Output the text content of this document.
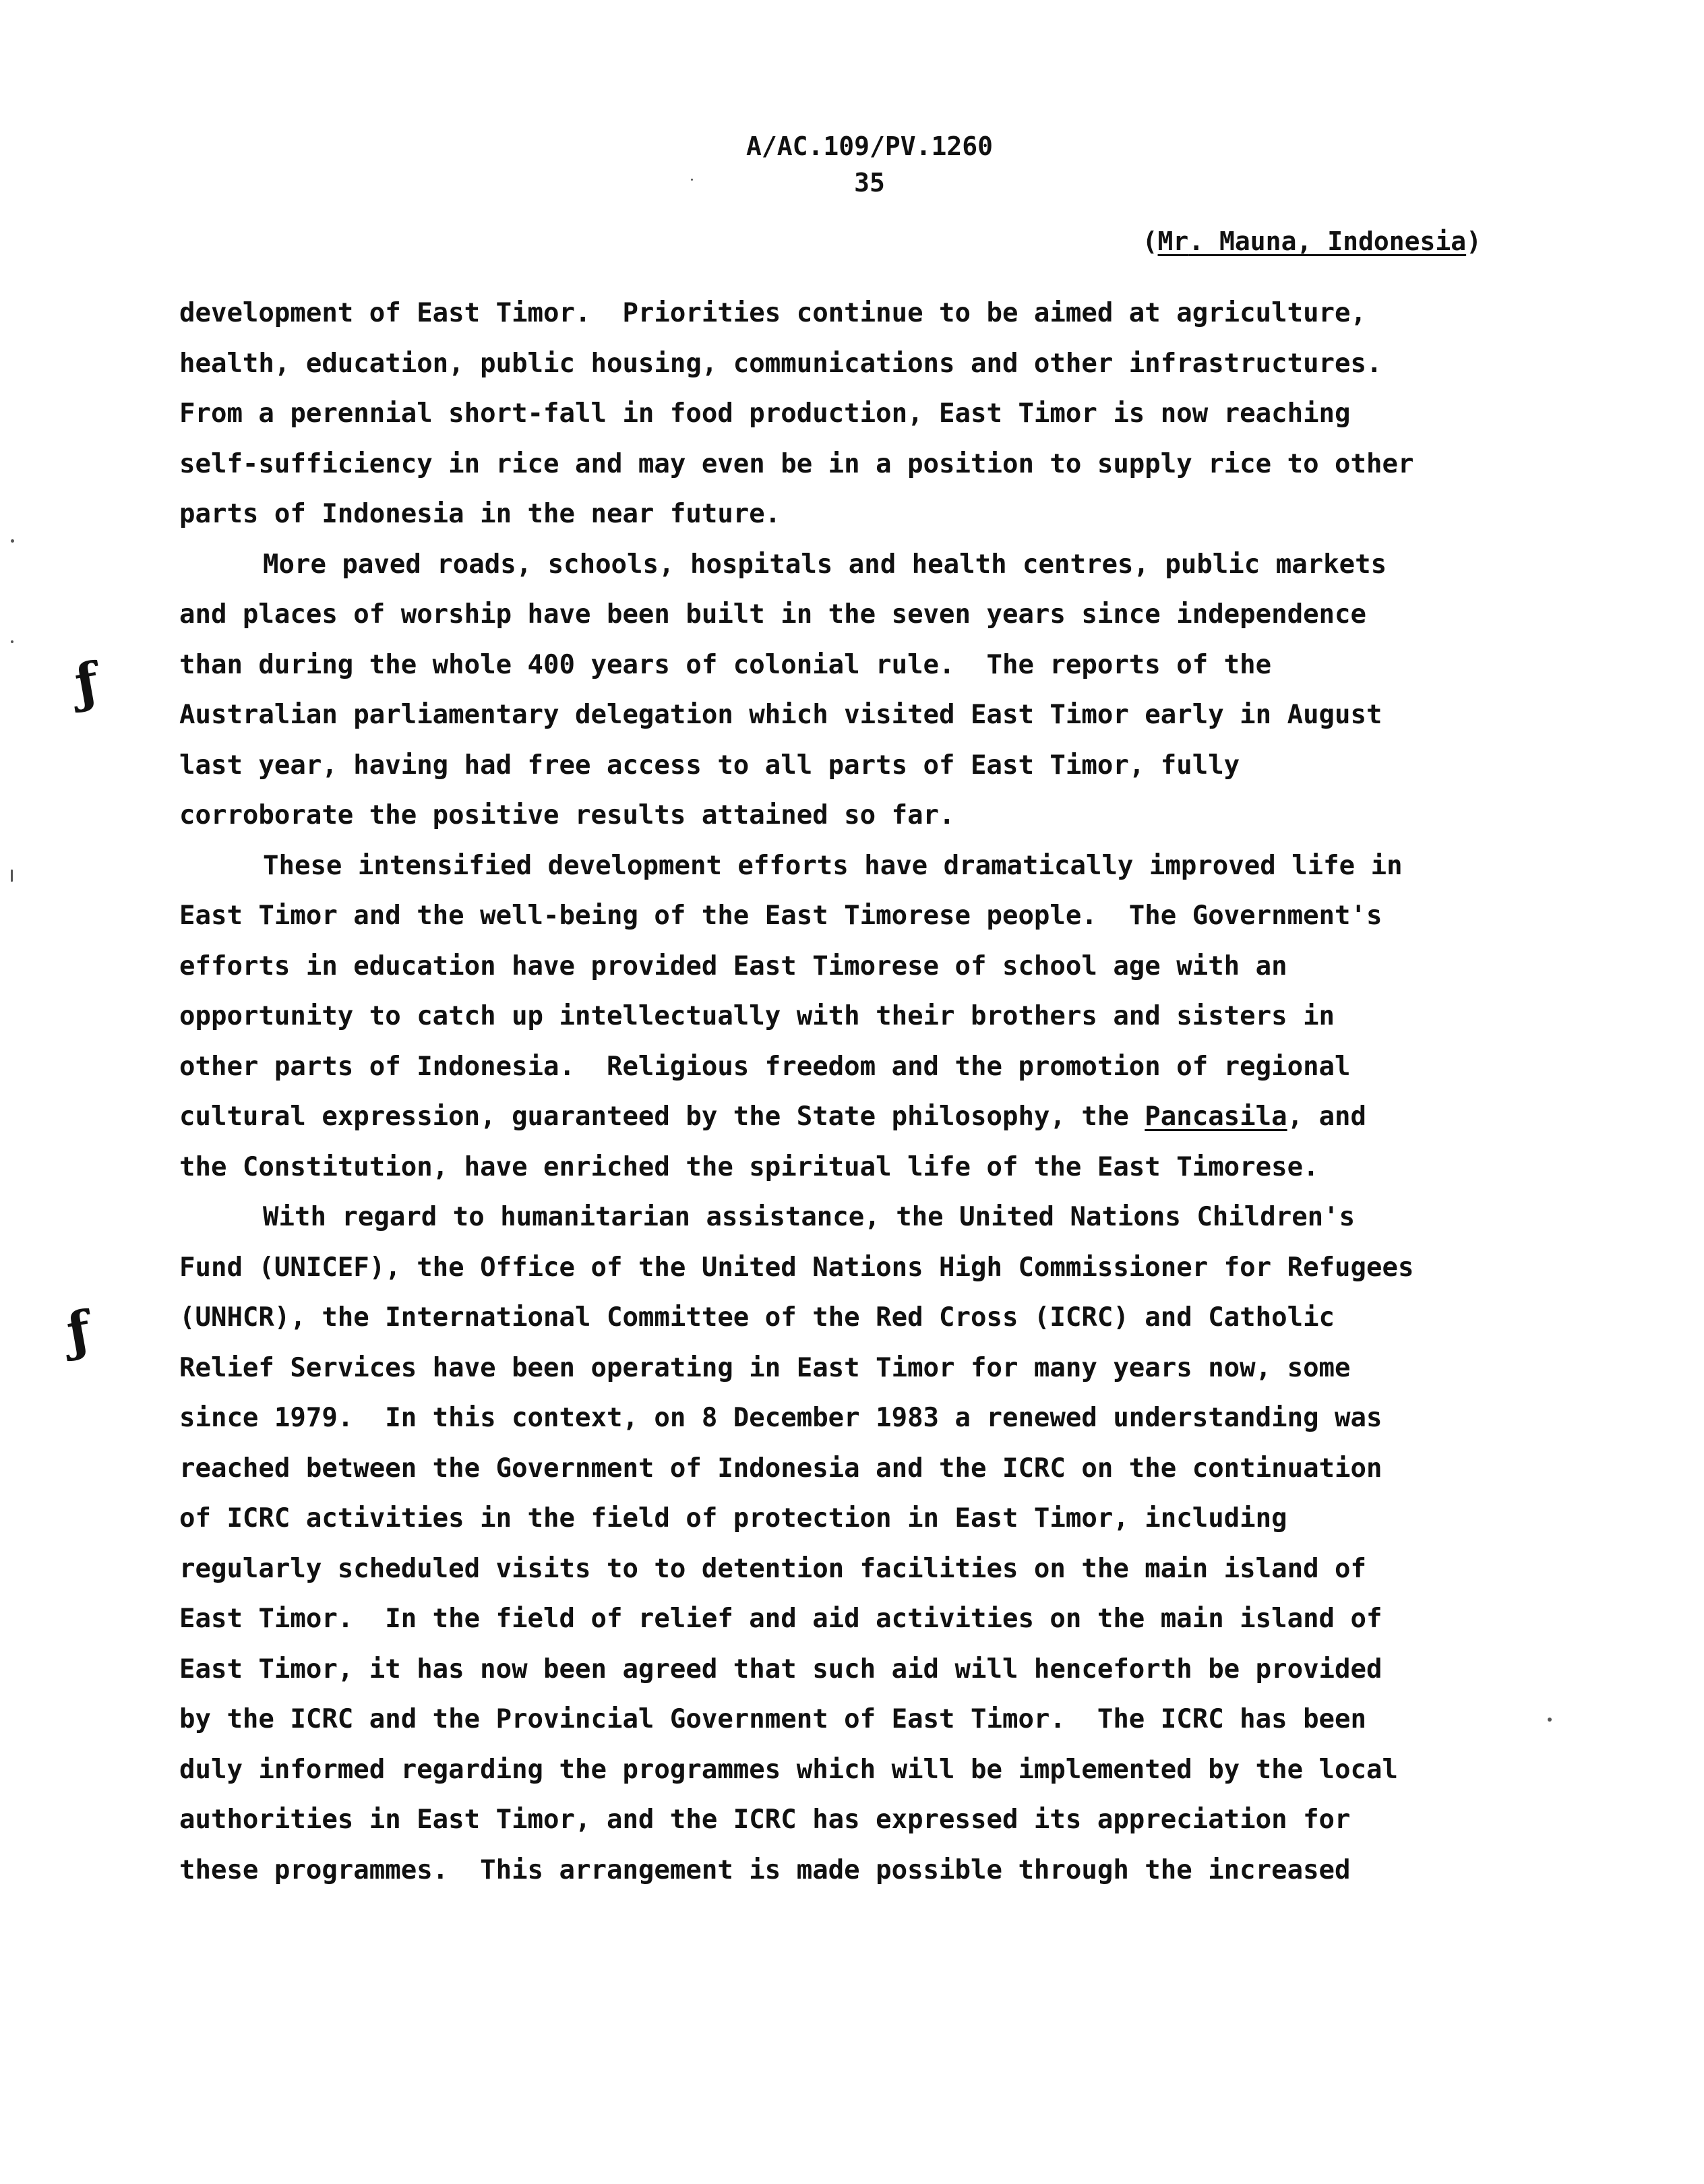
A/AC.109/PV.1260
35
(Mr. Mauna, Indonesia)
development of East Timor.  Priorities continue to be aimed at agriculture,
health, education, public housing, communications and other infrastructures.
From a perennial short-fall in food production, East Timor is now reaching
self-sufficiency in rice and may even be in a position to supply rice to other
parts of Indonesia in the near future.
More paved roads, schools, hospitals and health centres, public markets
and places of worship have been built in the seven years since independence
than during the whole 400 years of colonial rule.  The reports of the
Australian parliamentary delegation which visited East Timor early in August
last year, having had free access to all parts of East Timor, fully
corroborate the positive results attained so far.
These intensified development efforts have dramatically improved life in
East Timor and the well-being of the East Timorese people.  The Government's
efforts in education have provided East Timorese of school age with an
opportunity to catch up intellectually with their brothers and sisters in
other parts of Indonesia.  Religious freedom and the promotion of regional
cultural expression, guaranteed by the State philosophy, the Pancasila, and
the Constitution, have enriched the spiritual life of the East Timorese.
With regard to humanitarian assistance, the United Nations Children's
Fund (UNICEF), the Office of the United Nations High Commissioner for Refugees
(UNHCR), the International Committee of the Red Cross (ICRC) and Catholic
Relief Services have been operating in East Timor for many years now, some
since 1979.  In this context, on 8 December 1983 a renewed understanding was
reached between the Government of Indonesia and the ICRC on the continuation
of ICRC activities in the field of protection in East Timor, including
regularly scheduled visits to to detention facilities on the main island of
East Timor.  In the field of relief and aid activities on the main island of
East Timor, it has now been agreed that such aid will henceforth be provided
by the ICRC and the Provincial Government of East Timor.  The ICRC has been
duly informed regarding the programmes which will be implemented by the local
authorities in East Timor, and the ICRC has expressed its appreciation for
these programmes.  This arrangement is made possible through the increased
ƒ
ƒ
